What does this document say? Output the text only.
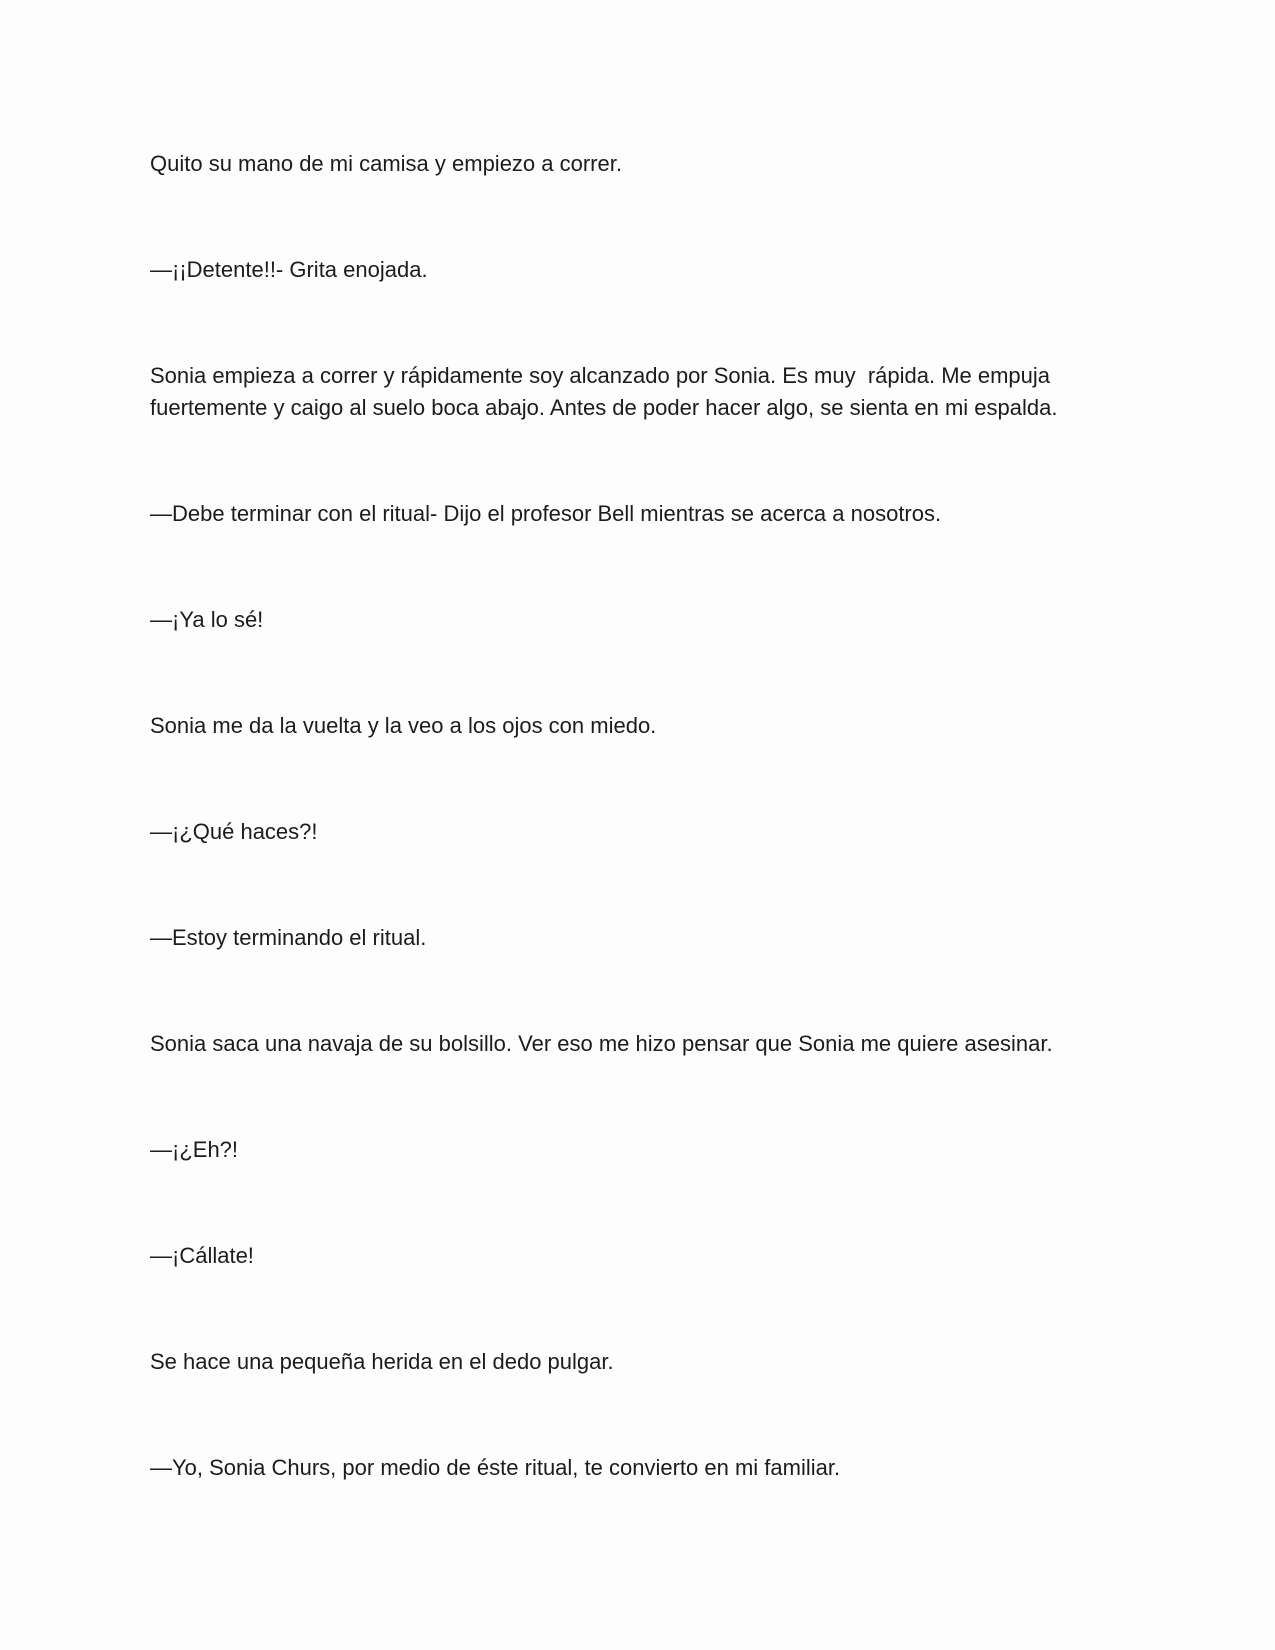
Quito su mano de mi camisa y empiezo a correr.

—¡¡Detente!!- Grita enojada.

Sonia empieza a correr y rápidamente soy alcanzado por Sonia. Es muy  rápida. Me empuja fuertemente y caigo al suelo boca abajo. Antes de poder hacer algo, se sienta en mi espalda.

—Debe terminar con el ritual- Dijo el profesor Bell mientras se acerca a nosotros.

—¡Ya lo sé!

Sonia me da la vuelta y la veo a los ojos con miedo.

—¡¿Qué haces?!

—Estoy terminando el ritual.

Sonia saca una navaja de su bolsillo. Ver eso me hizo pensar que Sonia me quiere asesinar.

—¡¿Eh?!

—¡Cállate!

Se hace una pequeña herida en el dedo pulgar.

—Yo, Sonia Churs, por medio de éste ritual, te convierto en mi familiar.
